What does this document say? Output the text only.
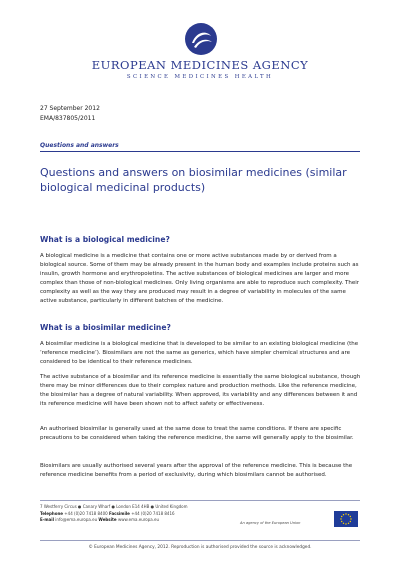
EUROPEAN MEDICINES AGENCY
SCIENCE MEDICINES HEALTH
27 September 2012
EMA/837805/2011
Questions and answers
Questions and answers on biosimilar medicines (similar biological medicinal products)
What is a biological medicine?
A biological medicine is a medicine that contains one or more active substances made by or derived from a biological source. Some of them may be already present in the human body and examples include proteins such as insulin, growth hormone and erythropoietins. The active substances of biological medicines are larger and more complex than those of non-biological medicines. Only living organisms are able to reproduce such complexity. Their complexity as well as the way they are produced may result in a degree of variability in molecules of the same active substance, particularly in different batches of the medicine.
What is a biosimilar medicine?
A biosimilar medicine is a biological medicine that is developed to be similar to an existing biological medicine (the ‘reference medicine’). Biosimilars are not the same as generics, which have simpler chemical structures and are considered to be identical to their reference medicines.
The active substance of a biosimilar and its reference medicine is essentially the same biological substance, though there may be minor differences due to their complex nature and production methods. Like the reference medicine, the biosimilar has a degree of natural variability. When approved, its variability and any differences between it and its reference medicine will have been shown not to affect safety or effectiveness.
An authorised biosimilar is generally used at the same dose to treat the same conditions. If there are specific precautions to be considered when taking the reference medicine, the same will generally apply to the biosimilar.
Biosimilars are usually authorised several years after the approval of the reference medicine. This is because the reference medicine benefits from a period of exclusivity, during which biosimilars cannot be authorised.
7 Westferry Circus ● Canary Wharf ● London E14 4HB ● United Kingdom
Telephone +44 (0)20 7418 8400 Facsimile +44 (0)20 7418 8416
E-mail info@ema.europa.eu Website www.ema.europa.eu
An agency of the European Union
© European Medicines Agency, 2012. Reproduction is authorised provided the source is acknowledged.
